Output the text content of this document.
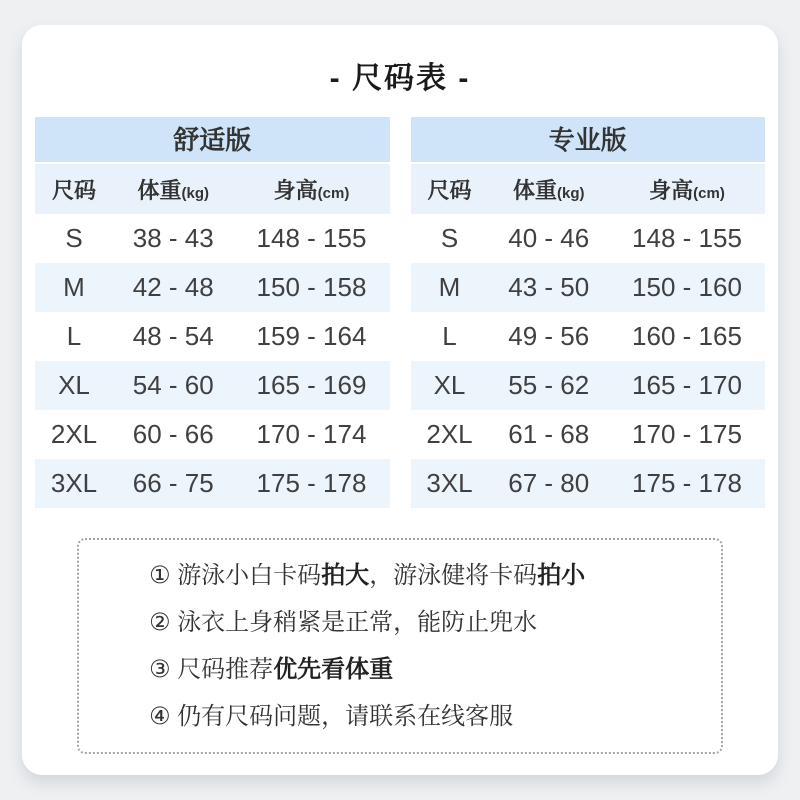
- 尺码表 -
舒适版
尺码	体重(kg)	身高(cm)
S	38 - 43	148 - 155
M	42 - 48	150 - 158
L	48 - 54	159 - 164
XL	54 - 60	165 - 169
2XL	60 - 66	170 - 174
3XL	66 - 75	175 - 178
专业版
尺码	体重(kg)	身高(cm)
S	40 - 46	148 - 155
M	43 - 50	150 - 160
L	49 - 56	160 - 165
XL	55 - 62	165 - 170
2XL	61 - 68	170 - 175
3XL	67 - 80	175 - 178
① 游泳小白卡码拍大，游泳健将卡码拍小
② 泳衣上身稍紧是正常，能防止兜水
③ 尺码推荐优先看体重
④ 仍有尺码问题，请联系在线客服
